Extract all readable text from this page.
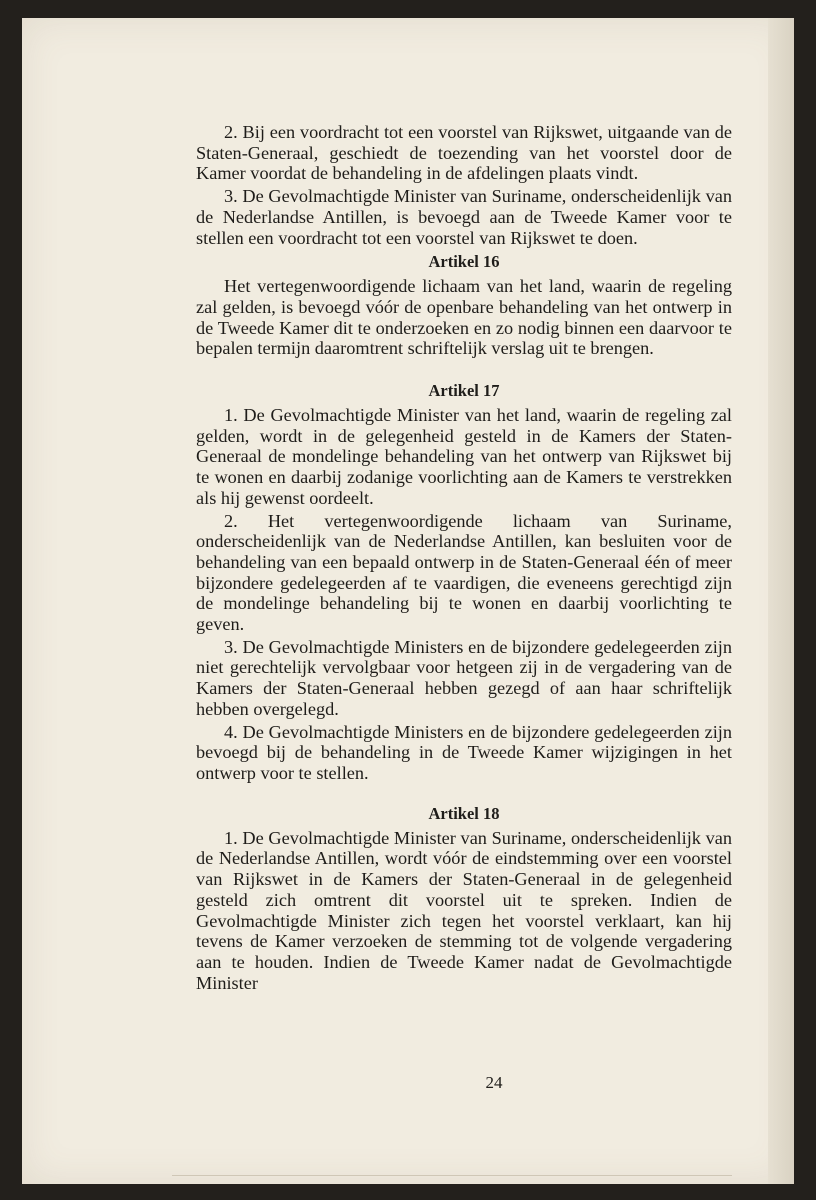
2. Bij een voordracht tot een voorstel van Rijkswet, uitgaande van de Staten-Generaal, geschiedt de toezending van het voorstel door de Kamer voordat de behandeling in de afdelingen plaats vindt.

3. De Gevolmachtigde Minister van Suriname, onderscheidenlijk van de Nederlandse Antillen, is bevoegd aan de Tweede Kamer voor te stellen een voordracht tot een voorstel van Rijkswet te doen.

Artikel 16

Het vertegenwoordigende lichaam van het land, waarin de regeling zal gelden, is bevoegd vóór de openbare behandeling van het ontwerp in de Tweede Kamer dit te onderzoeken en zo nodig binnen een daarvoor te bepalen termijn daaromtrent schriftelijk verslag uit te brengen.

Artikel 17

1. De Gevolmachtigde Minister van het land, waarin de regeling zal gelden, wordt in de gelegenheid gesteld in de Kamers der Staten-Generaal de mondelinge behandeling van het ontwerp van Rijkswet bij te wonen en daarbij zodanige voorlichting aan de Kamers te verstrekken als hij gewenst oordeelt.

2. Het vertegenwoordigende lichaam van Suriname, onderscheidenlijk van de Nederlandse Antillen, kan besluiten voor de behandeling van een bepaald ontwerp in de Staten-Generaal één of meer bijzondere gedelegeerden af te vaardigen, die eveneens gerechtigd zijn de mondelinge behandeling bij te wonen en daarbij voorlichting te geven.

3. De Gevolmachtigde Ministers en de bijzondere gedelegeerden zijn niet gerechtelijk vervolgbaar voor hetgeen zij in de vergadering van de Kamers der Staten-Generaal hebben gezegd of aan haar schriftelijk hebben overgelegd.

4. De Gevolmachtigde Ministers en de bijzondere gedelegeerden zijn bevoegd bij de behandeling in de Tweede Kamer wijzigingen in het ontwerp voor te stellen.

Artikel 18

1. De Gevolmachtigde Minister van Suriname, onderscheidenlijk van de Nederlandse Antillen, wordt vóór de eindstemming over een voorstel van Rijkswet in de Kamers der Staten-Generaal in de gelegenheid gesteld zich omtrent dit voorstel uit te spreken. Indien de Gevolmachtigde Minister zich tegen het voorstel verklaart, kan hij tevens de Kamer verzoeken de stemming tot de volgende vergadering aan te houden. Indien de Tweede Kamer nadat de Gevolmachtigde Minister

24
